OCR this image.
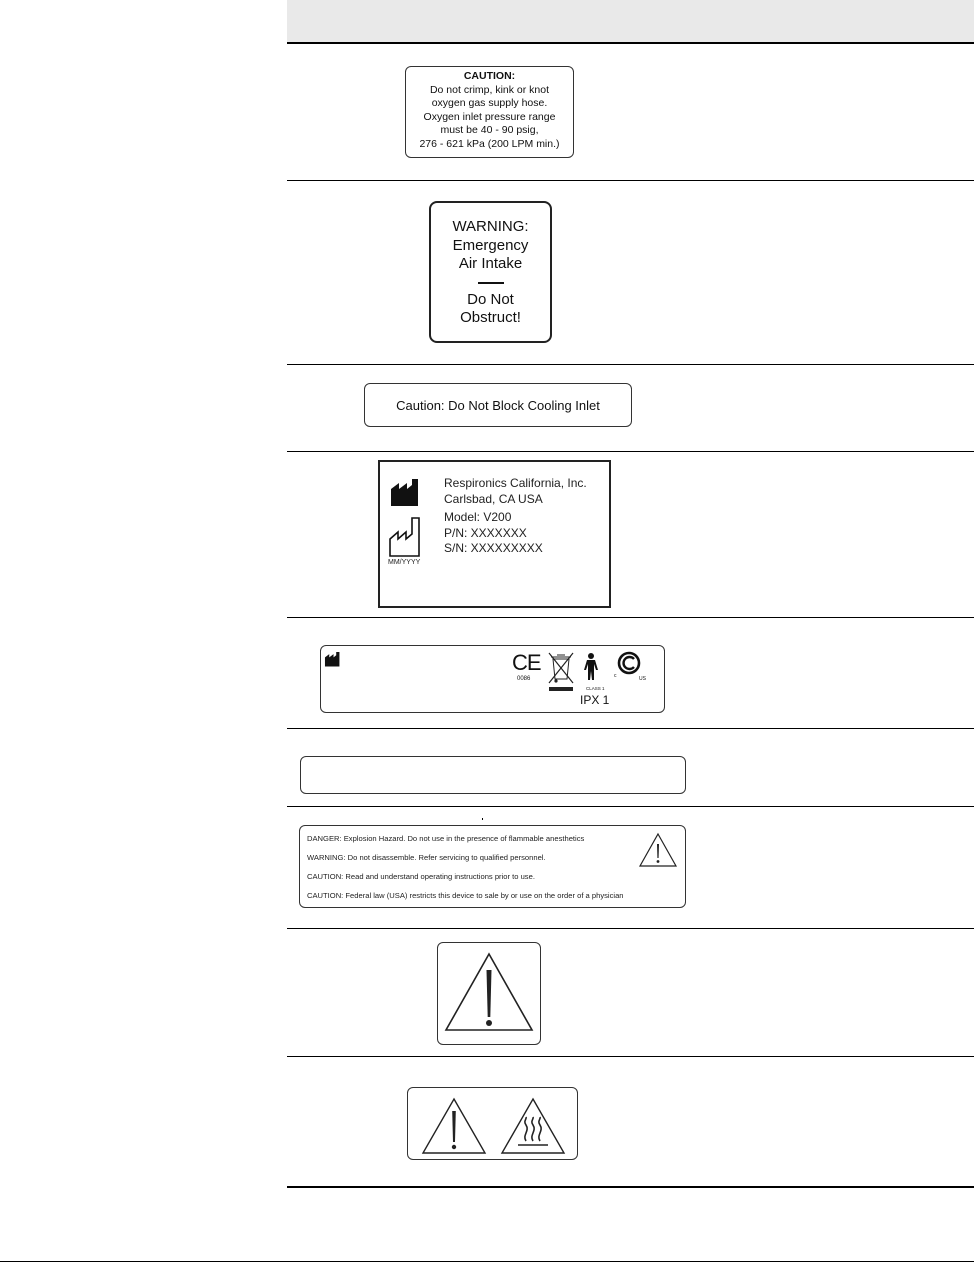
CAUTION:
Do not crimp, kink or knot
oxygen gas supply hose.
Oxygen inlet pressure range
must be 40 - 90 psig,
276 - 621 kPa (200 LPM min.)
WARNING:
Emergency
Air Intake
Do Not
Obstruct!
Caution: Do Not Block Cooling Inlet
Respironics California, Inc.
Carlsbad, CA USA
Model: V200
P/N: XXXXXXX
S/N: XXXXXXXXX
MM/YYYY
CE
0086
CLASS 1
IPX 1
c	US
DANGER: Explosion Hazard. Do not use in the presence of flammable anesthetics
WARNING: Do not disassemble. Refer servicing to qualified personnel.
CAUTION: Read and understand operating instructions prior to use.
CAUTION: Federal law (USA) restricts this device to sale by or use on the order of a physician
